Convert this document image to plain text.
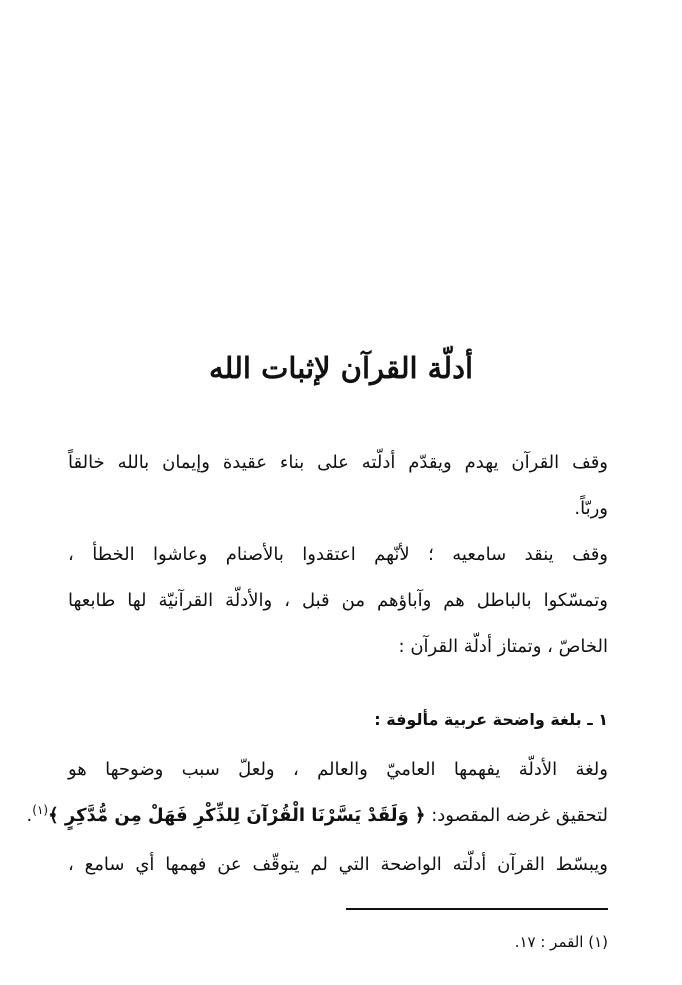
أدلّة القرآن لإثبات الله
وقف القرآن يهدم ويقدّم أدلّته على بناء عقيدة وإيمان بالله خالقاً
وربّاً.
وقف ينقد سامعيه ؛ لأنّهم اعتقدوا بالأصنام وعاشوا الخطأ ،
وتمسّكوا بالباطل هم وآباؤهم من قبل ، والأدلّة القرآنيّة لها طابعها
الخاصّ ، وتمتاز أدلّة القرآن :
١ ـ بلغة واضحة عربية مألوفة :
ولغة الأدلّة يفهمها العاميّ والعالم ، ولعلّ سبب وضوحها هو
لتحقيق غرضه المقصود: ﴿ وَلَقَدْ يَسَّرْنَا الْقُرْآنَ لِلذِّكْرِ فَهَلْ مِن مُّدَّكِرٍ ﴾$^{(١)}$.
ويبسّط القرآن أدلّته الواضحة التي لم يتوقّف عن فهمها أي سامع ،
(١) القمر : ١٧.
